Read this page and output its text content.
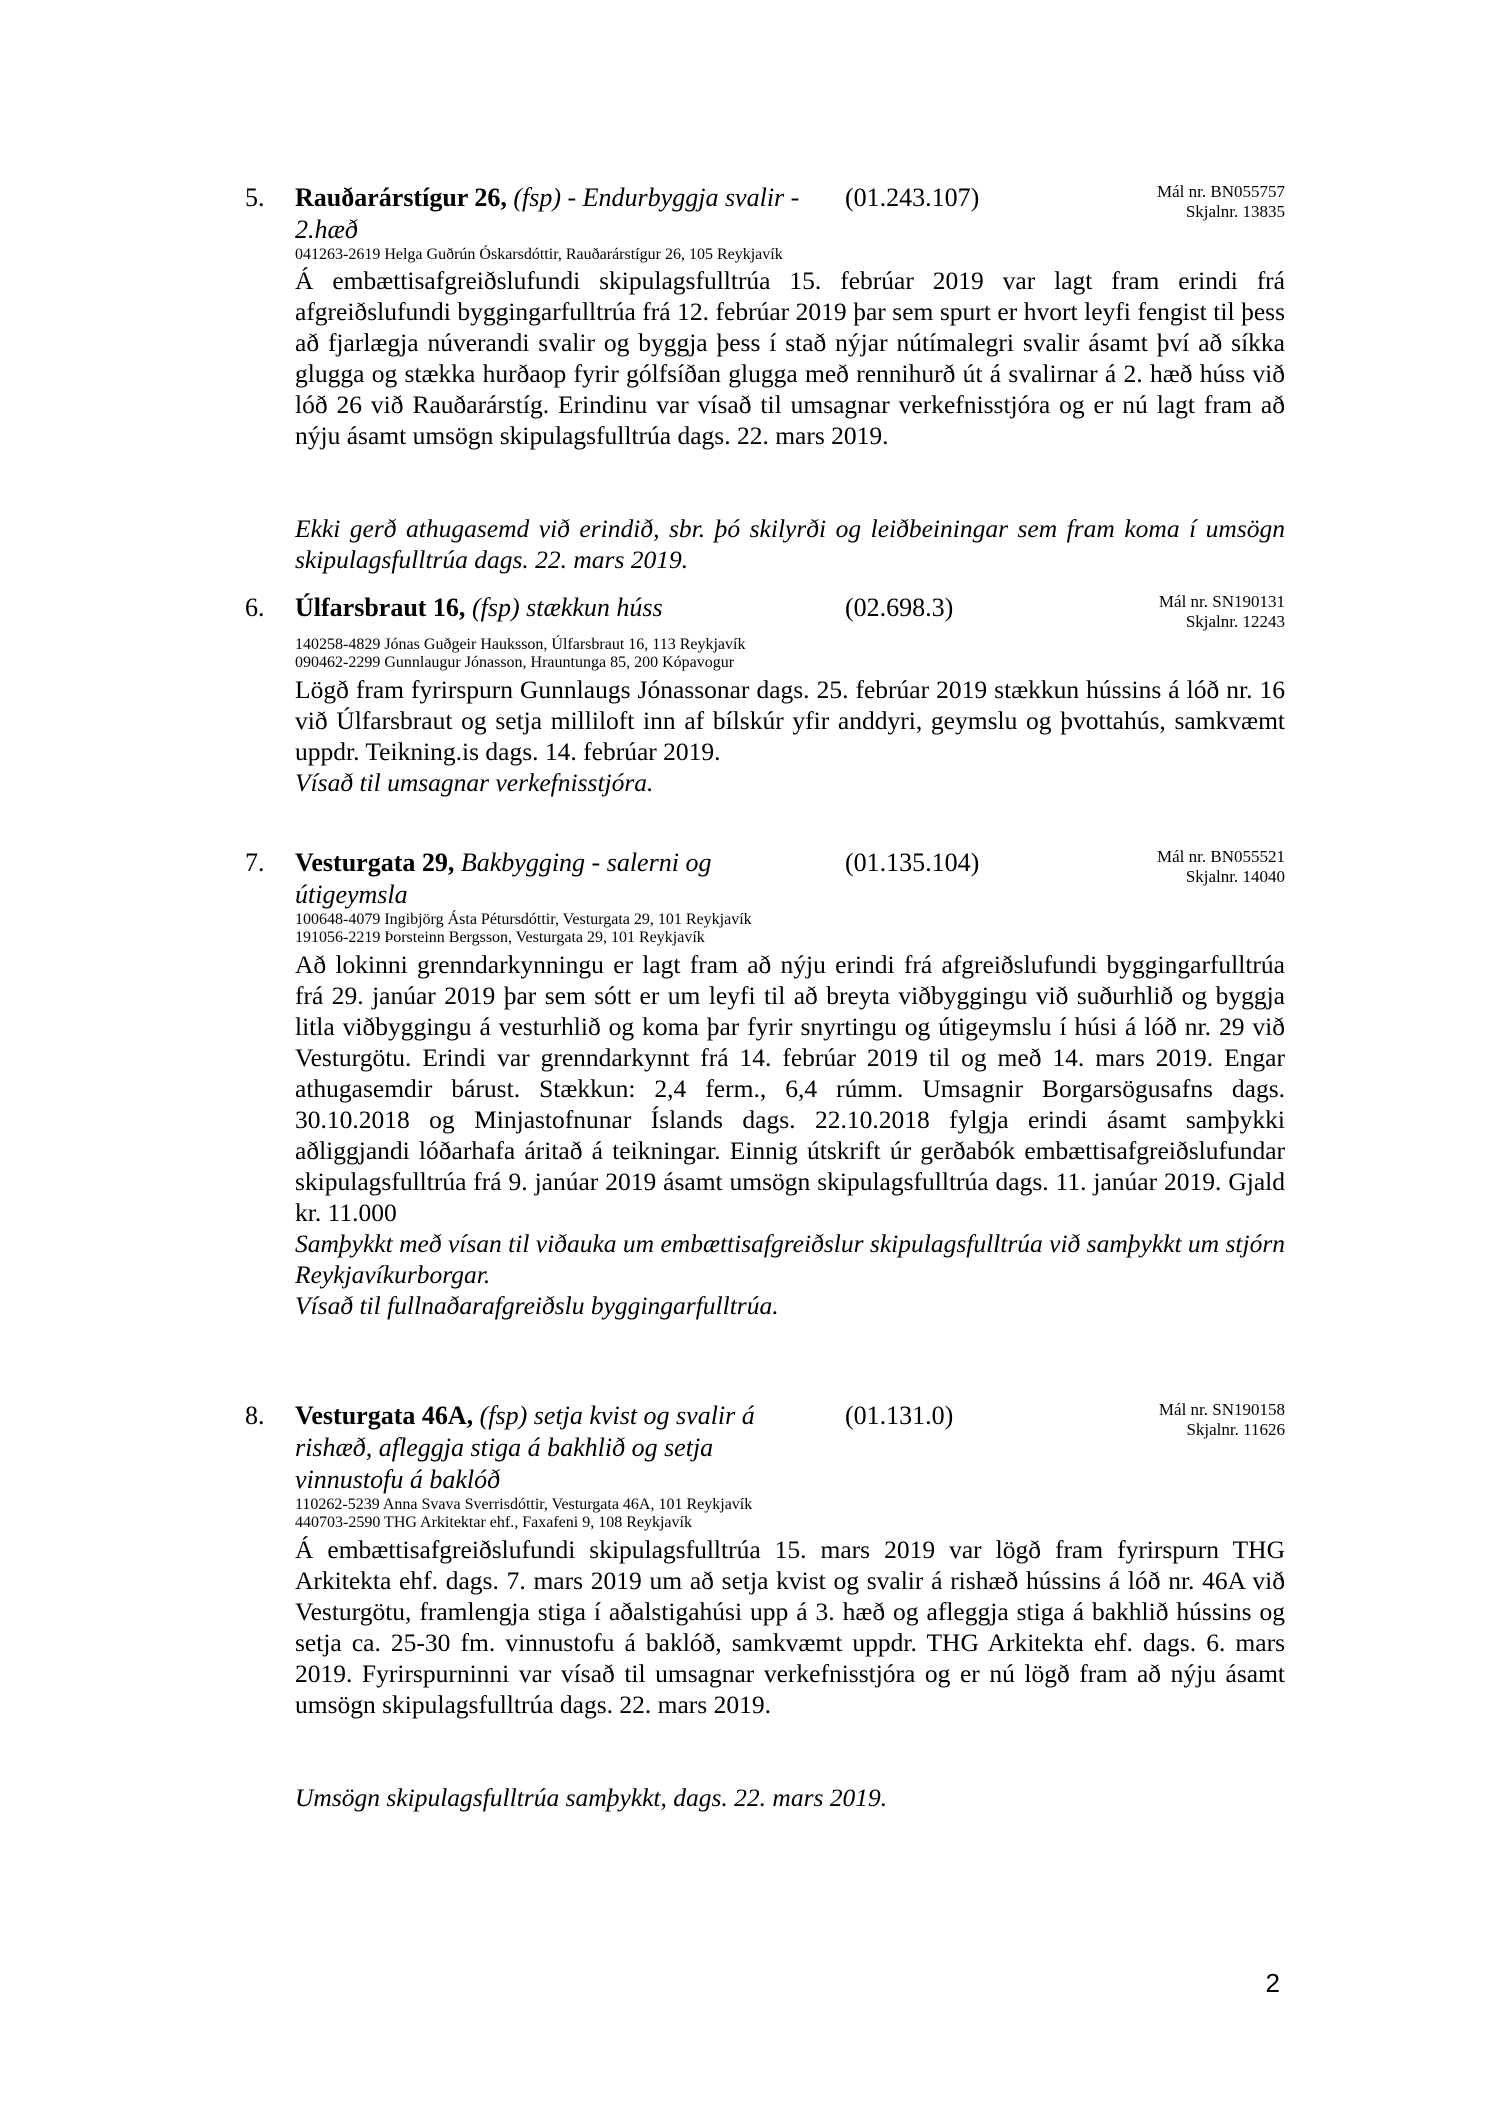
5. Rauðarárstígur 26, (fsp) - Endurbyggja svalir - 2.hæð
(01.243.107)	Mál nr. BN055757
Skjalnr. 13835
041263-2619 Helga Guðrún Óskarsdóttir, Rauðarárstígur 26, 105 Reykjavík

Á embættisafgreiðslufundi skipulagsfulltrúa 15. febrúar 2019 var lagt fram erindi frá afgreiðslufundi byggingarfulltrúa frá 12. febrúar 2019 þar sem spurt er hvort leyfi fengist til þess að fjarlægja núverandi svalir og byggja þess í stað nýjar nútímalegri svalir ásamt því að síkka glugga og stækka hurðaop fyrir gólfsíðan glugga með rennihurð út á svalirnar á 2. hæð húss við lóð 26 við Rauðarárstíg. Erindinu var vísað til umsagnar verkefnisstjóra og er nú lagt fram að nýju ásamt umsögn skipulagsfulltrúa dags. 22. mars 2019.

Ekki gerð athugasemd við erindið, sbr. þó skilyrði og leiðbeiningar sem fram koma í umsögn skipulagsfulltrúa dags. 22. mars 2019.

6. Úlfarsbraut 16, (fsp) stækkun húss	(02.698.3)	Mál nr. SN190131
Skjalnr. 12243
140258-4829 Jónas Guðgeir Hauksson, Úlfarsbraut 16, 113 Reykjavík
090462-2299 Gunnlaugur Jónasson, Hrauntunga 85, 200 Kópavogur

Lögð fram fyrirspurn Gunnlaugs Jónassonar dags. 25. febrúar 2019 stækkun hússins á lóð nr. 16 við Úlfarsbraut og setja milliloft inn af bílskúr yfir anddyri, geymslu og þvottahús, samkvæmt uppdr. Teikning.is dags. 14. febrúar 2019.

Vísað til umsagnar verkefnisstjóra.

7. Vesturgata 29, Bakbygging - salerni og útigeymsla
(01.135.104)	Mál nr. BN055521
Skjalnr. 14040
100648-4079 Ingibjörg Ásta Pétursdóttir, Vesturgata 29, 101 Reykjavík
191056-2219 Þorsteinn Bergsson, Vesturgata 29, 101 Reykjavík

Að lokinni grenndarkynningu er lagt fram að nýju erindi frá afgreiðslufundi byggingarfulltrúa frá 29. janúar 2019 þar sem sótt er um leyfi til að breyta viðbyggingu við suðurhlið og byggja litla viðbyggingu á vesturhlið og koma þar fyrir snyrtingu og útigeymslu í húsi á lóð nr. 29 við Vesturgötu. Erindi var grenndarkynnt frá 14. febrúar 2019 til og með 14. mars 2019. Engar athugasemdir bárust. Stækkun: 2,4 ferm., 6,4 rúmm. Umsagnir Borgarsögusafns dags. 30.10.2018 og Minjastofnunar Íslands dags. 22.10.2018 fylgja erindi ásamt samþykki aðliggjandi lóðarhafa áritað á teikningar. Einnig útskrift úr gerðabók embættisafgreiðslufundar skipulagsfulltrúa frá 9. janúar 2019 ásamt umsögn skipulagsfulltrúa dags. 11. janúar 2019. Gjald kr. 11.000

Samþykkt með vísan til viðauka um embættisafgreiðslur skipulagsfulltrúa við samþykkt um stjórn Reykjavíkurborgar.

Vísað til fullnaðarafgreiðslu byggingarfulltrúa.

8. Vesturgata 46A, (fsp) setja kvist og svalir á rishæð, afleggja stiga á bakhlið og setja vinnustofu á baklóð
(01.131.0)	Mál nr. SN190158
Skjalnr. 11626
110262-5239 Anna Svava Sverrisdóttir, Vesturgata 46A, 101 Reykjavík
440703-2590 THG Arkitektar ehf., Faxafeni 9, 108 Reykjavík

Á embættisafgreiðslufundi skipulagsfulltrúa 15. mars 2019 var lögð fram fyrirspurn THG Arkitekta ehf. dags. 7. mars 2019 um að setja kvist og svalir á rishæð hússins á lóð nr. 46A við Vesturgötu, framlengja stiga í aðalstigahúsi upp á 3. hæð og afleggja stiga á bakhlið hússins og setja ca. 25-30 fm. vinnustofu á baklóð, samkvæmt uppdr. THG Arkitekta ehf. dags. 6. mars 2019. Fyrirspurninni var vísað til umsagnar verkefnisstjóra og er nú lögð fram að nýju ásamt umsögn skipulagsfulltrúa dags. 22. mars 2019.

Umsögn skipulagsfulltrúa samþykkt, dags. 22. mars 2019.

2
